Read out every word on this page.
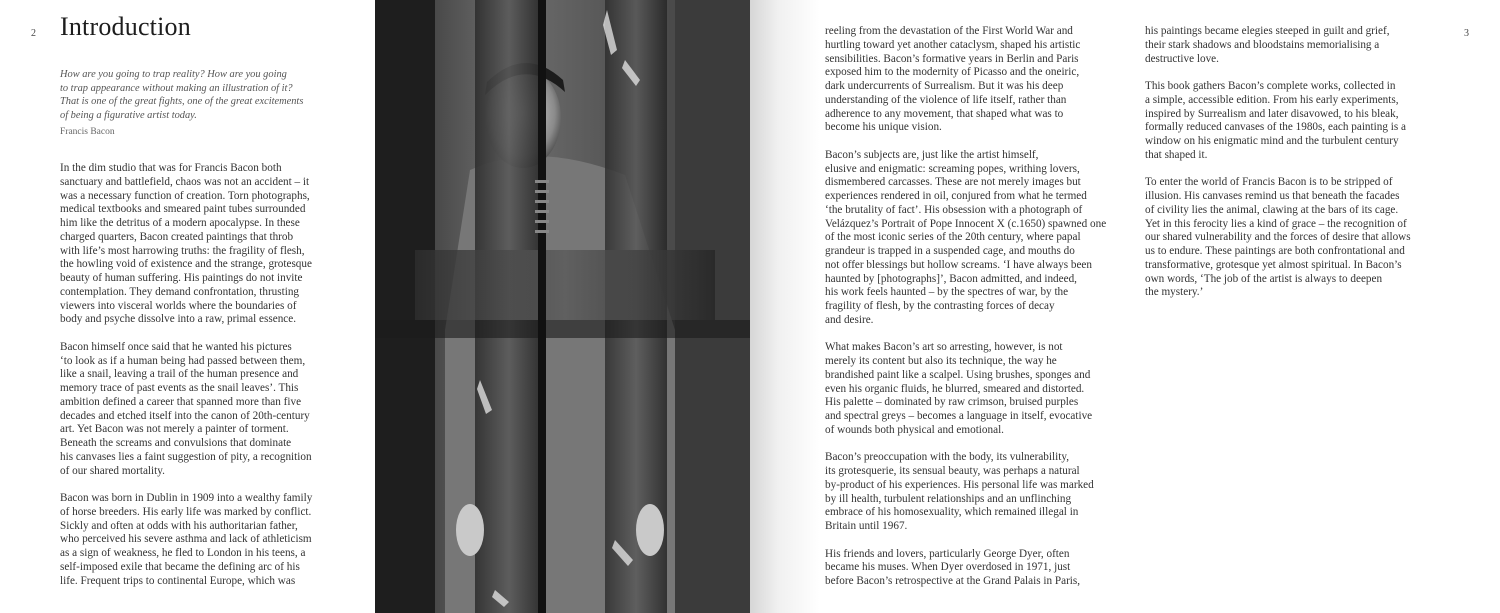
2 Introduction
How are you going to trap reality? How are you going
to trap appearance without making an illustration of it?
That is one of the great fights, one of the great excitements
of being a figurative artist today.
Francis Bacon
In the dim studio that was for Francis Bacon both
sanctuary and battlefield, chaos was not an accident – it
was a necessary function of creation. Torn photographs,
medical textbooks and smeared paint tubes surrounded
him like the detritus of a modern apocalypse. In these
charged quarters, Bacon created paintings that throb
with life’s most harrowing truths: the fragility of flesh,
the howling void of existence and the strange, grotesque
beauty of human suffering. His paintings do not invite
contemplation. They demand confrontation, thrusting
viewers into visceral worlds where the boundaries of
body and psyche dissolve into a raw, primal essence.
Bacon himself once said that he wanted his pictures
‘to look as if a human being had passed between them,
like a snail, leaving a trail of the human presence and
memory trace of past events as the snail leaves’. This
ambition defined a career that spanned more than five
decades and etched itself into the canon of 20th-century
art. Yet Bacon was not merely a painter of torment.
Beneath the screams and convulsions that dominate
his canvases lies a faint suggestion of pity, a recognition
of our shared mortality.
Bacon was born in Dublin in 1909 into a wealthy family
of horse breeders. His early life was marked by conflict.
Sickly and often at odds with his authoritarian father,
who perceived his severe asthma and lack of athleticism
as a sign of weakness, he fled to London in his teens, a
self-imposed exile that became the defining arc of his
life. Frequent trips to continental Europe, which was
reeling from the devastation of the First World War and
hurtling toward yet another cataclysm, shaped his artistic
sensibilities. Bacon’s formative years in Berlin and Paris
exposed him to the modernity of Picasso and the oneiric,
dark undercurrents of Surrealism. But it was his deep
understanding of the violence of life itself, rather than
adherence to any movement, that shaped what was to
become his unique vision.
Bacon’s subjects are, just like the artist himself,
elusive and enigmatic: screaming popes, writhing lovers,
dismembered carcasses. These are not merely images but
experiences rendered in oil, conjured from what he termed
‘the brutality of fact’. His obsession with a photograph of
Velázquez’s Portrait of Pope Innocent X (c.1650) spawned one
of the most iconic series of the 20th century, where papal
grandeur is trapped in a suspended cage, and mouths do
not offer blessings but hollow screams. ‘I have always been
haunted by [photographs]’, Bacon admitted, and indeed,
his work feels haunted – by the spectres of war, by the
fragility of flesh, by the contrasting forces of decay
and desire.
What makes Bacon’s art so arresting, however, is not
merely its content but also its technique, the way he
brandished paint like a scalpel. Using brushes, sponges and
even his organic fluids, he blurred, smeared and distorted.
His palette – dominated by raw crimson, bruised purples
and spectral greys – becomes a language in itself, evocative
of wounds both physical and emotional.
Bacon’s preoccupation with the body, its vulnerability,
its grotesquerie, its sensual beauty, was perhaps a natural
by-product of his experiences. His personal life was marked
by ill health, turbulent relationships and an unflinching
embrace of his homosexuality, which remained illegal in
Britain until 1967.
His friends and lovers, particularly George Dyer, often
became his muses. When Dyer overdosed in 1971, just
before Bacon’s retrospective at the Grand Palais in Paris,
his paintings became elegies steeped in guilt and grief,
their stark shadows and bloodstains memorialising a
destructive love.
This book gathers Bacon’s complete works, collected in
a simple, accessible edition. From his early experiments,
inspired by Surrealism and later disavowed, to his bleak,
formally reduced canvases of the 1980s, each painting is a
window on his enigmatic mind and the turbulent century
that shaped it.
To enter the world of Francis Bacon is to be stripped of
illusion. His canvases remind us that beneath the facades
of civility lies the animal, clawing at the bars of its cage.
Yet in this ferocity lies a kind of grace – the recognition of
our shared vulnerability and the forces of desire that allows
us to endure. These paintings are both confrontational and
transformative, grotesque yet almost spiritual. In Bacon’s
own words, ‘The job of the artist is always to deepen
the mystery.’
3
